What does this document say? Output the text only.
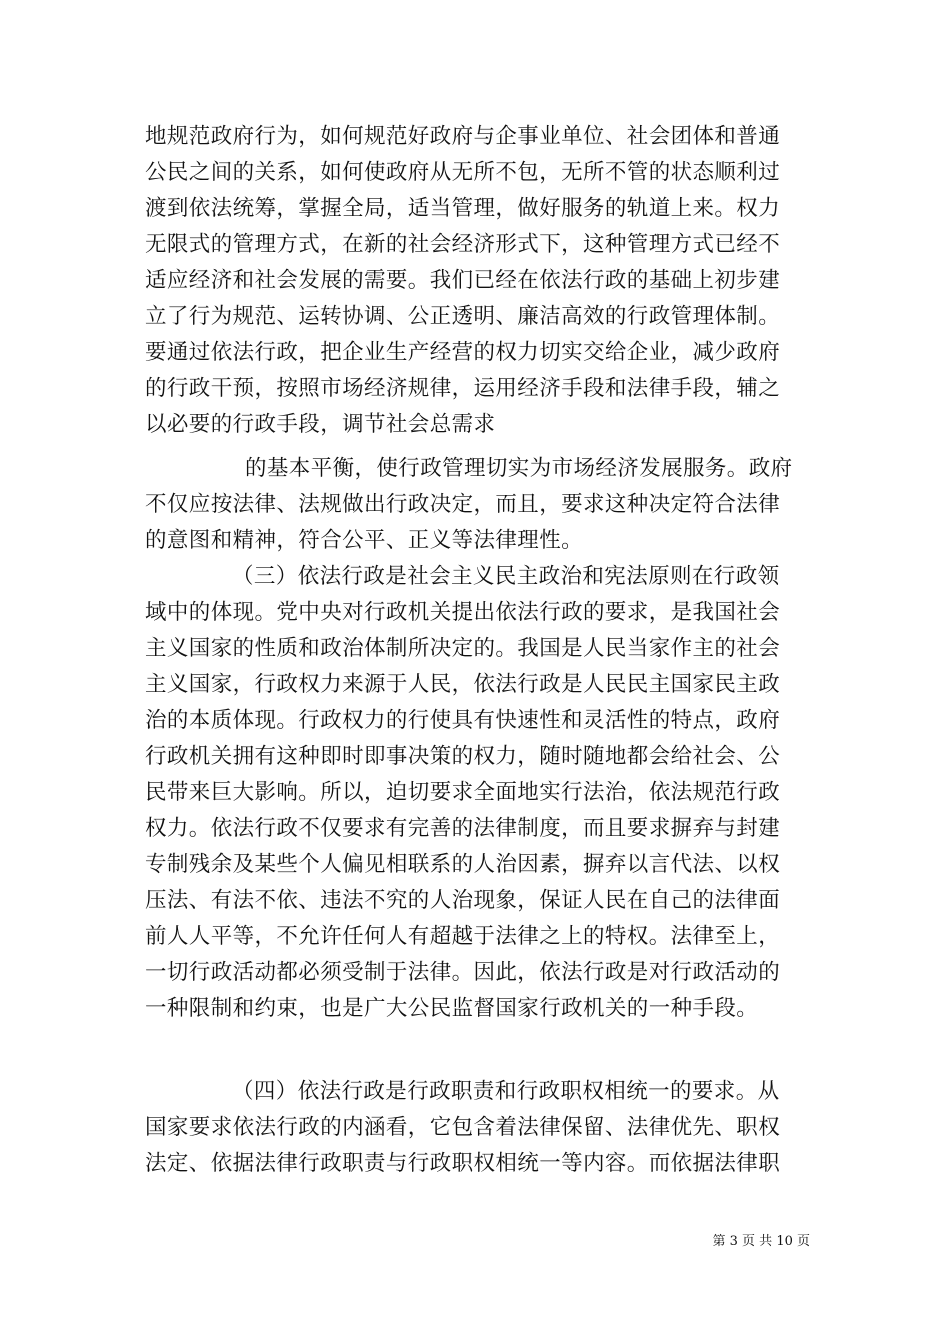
地规范政府行为，如何规范好政府与企事业单位、社会团体和普通
公民之间的关系，如何使政府从无所不包，无所不管的状态顺利过
渡到依法统筹，掌握全局，适当管理，做好服务的轨道上来。权力
无限式的管理方式，在新的社会经济形式下，这种管理方式已经不
适应经济和社会发展的需要。我们已经在依法行政的基础上初步建
立了行为规范、运转协调、公正透明、廉洁高效的行政管理体制。
要通过依法行政，把企业生产经营的权力切实交给企业，减少政府
的行政干预，按照市场经济规律，运用经济手段和法律手段，辅之
以必要的行政手段，调节社会总需求
的基本平衡，使行政管理切实为市场经济发展服务。政府
不仅应按法律、法规做出行政决定，而且，要求这种决定符合法律
的意图和精神，符合公平、正义等法律理性。
（三）依法行政是社会主义民主政治和宪法原则在行政领
域中的体现。党中央对行政机关提出依法行政的要求，是我国社会
主义国家的性质和政治体制所决定的。我国是人民当家作主的社会
主义国家，行政权力来源于人民，依法行政是人民民主国家民主政
治的本质体现。行政权力的行使具有快速性和灵活性的特点，政府
行政机关拥有这种即时即事决策的权力，随时随地都会给社会、公
民带来巨大影响。所以，迫切要求全面地实行法治，依法规范行政
权力。依法行政不仅要求有完善的法律制度，而且要求摒弃与封建
专制残余及某些个人偏见相联系的人治因素，摒弃以言代法、以权
压法、有法不依、违法不究的人治现象，保证人民在自己的法律面
前人人平等，不允许任何人有超越于法律之上的特权。法律至上，
一切行政活动都必须受制于法律。因此，依法行政是对行政活动的
一种限制和约束，也是广大公民监督国家行政机关的一种手段。
（四）依法行政是行政职责和行政职权相统一的要求。从
国家要求依法行政的内涵看，它包含着法律保留、法律优先、职权
法定、依据法律行政职责与行政职权相统一等内容。而依据法律职
第 3 页 共 10 页
